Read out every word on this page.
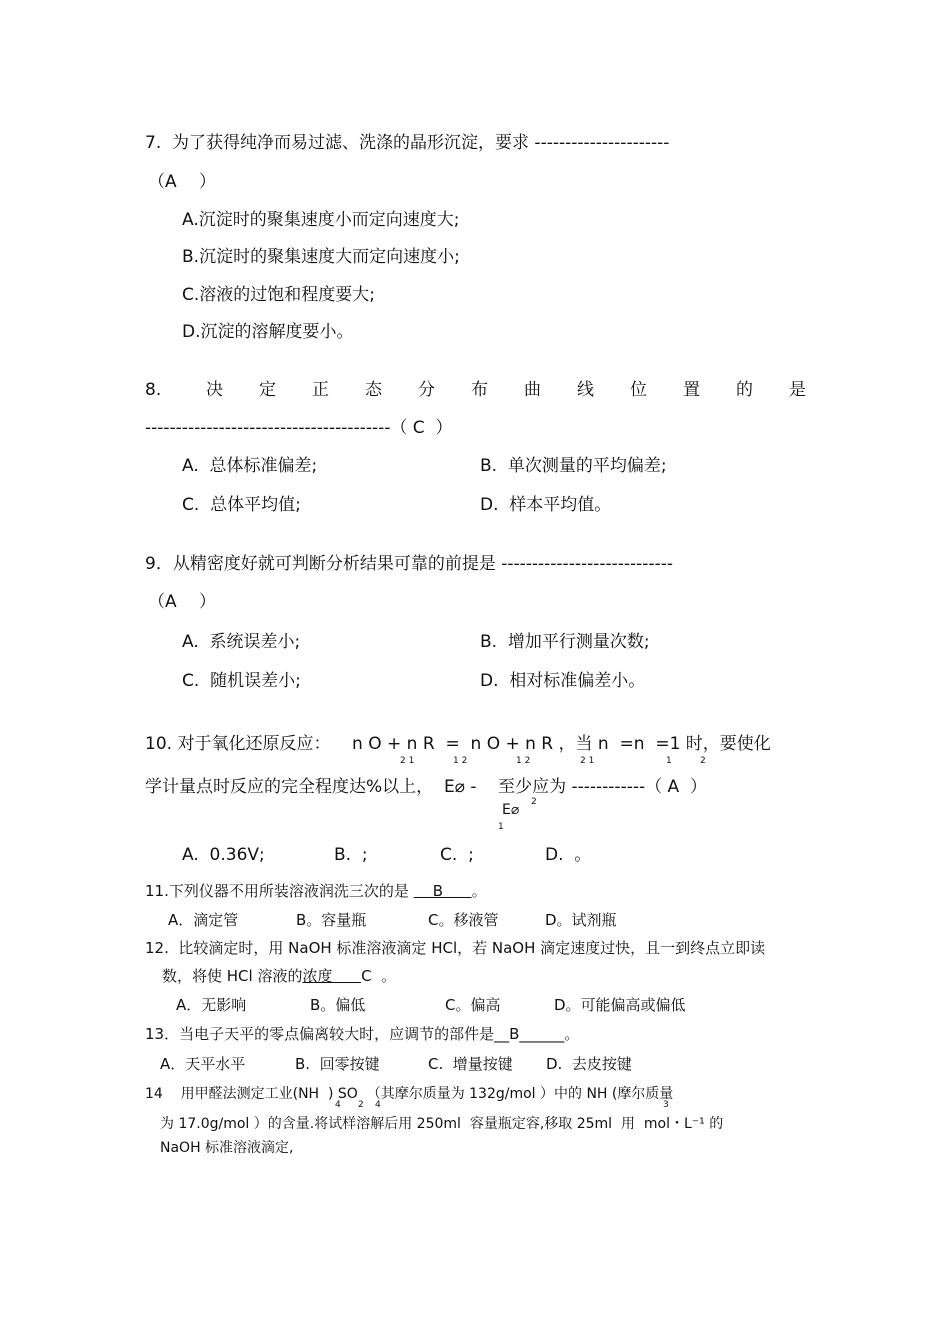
7.  为了获得纯净而易过滤、洗涤的晶形沉淀，要求 ----------------------
（A　 ）
A.沉淀时的聚集速度小而定向速度大;
B.沉淀时的聚集速度大而定向速度小;
C.溶液的过饱和程度要大;
D.沉淀的溶解度要小。
8.	决 定 正 态 分 布 曲 线 位 置 的 是
----------------------------------------（ C  ）
A.  总体标准偏差;	B.  单次测量的平均偏差;
C.  总体平均值;	D.  样本平均值。
9．从精密度好就可判断分析结果可靠的前提是 ----------------------------
（A　 ）
A.  系统误差小;	B.  增加平行测量次数;
C.  随机误差小;	D.  相对标准偏差小。
10. 对于氧化还原反应：    n O + n R  =  n O + n R ，当 n  =n  =1 时，要使化
2 1	1 2	1 2	2 1	1	2
学计量点时反应的完全程度达%以上，  E⌀ -    至少应为 ------------（ A  ）
E⌀ 2
1
A.  0.36V;	B.  ;	C.  ;	D.  。
11.下列仪器不用所装溶液润洗三次的是     B      。
A．滴定管	B。容量瓶	C。移液管	D。试剂瓶
12.  比较滴定时，用 NaOH 标准溶液滴定 HCl，若 NaOH 滴定速度过快，且一到终点立即读
数，将使 HCl 溶液的浓度      C  。
A．无影响	B。偏低	C。偏高	D。可能偏高或偏低
13．当电子天平的零点偏离较大时，应调节的部件是__B______。
A．天平水平	B.  回零按键	C.  增量按键 D.  去皮按键
14    用甲醛法测定工业(NH  ) SO  （其摩尔质量为 132g/mol ）中的 NH (摩尔质量
4 2 4	3
为 17.0g/mol ）的含量.将试样溶解后用 250ml  容量瓶定容,移取 25ml  用  mol・L⁻¹ 的
NaOH 标准溶液滴定,
